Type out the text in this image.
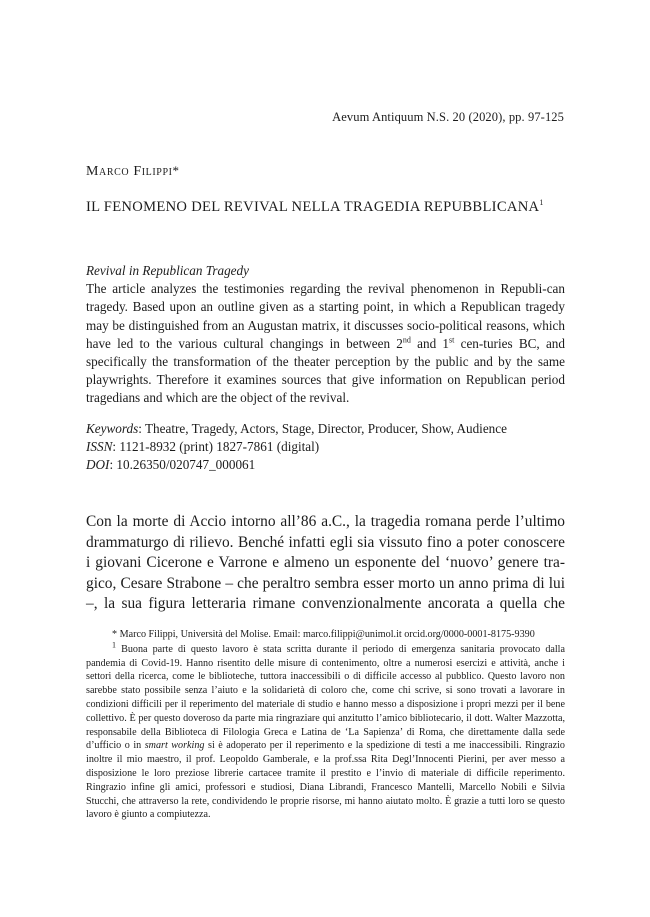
Aevum Antiquum N.S. 20 (2020), pp. 97-125
Marco Filippi*
IL FENOMENO DEL REVIVAL NELLA TRAGEDIA REPUBBLICANA$^1$
Revival in Republican Tragedy

The article analyzes the testimonies regarding the revival phenomenon in Republi-can tragedy. Based upon an outline given as a starting point, in which a Republican tragedy may be distinguished from an Augustan matrix, it discusses socio-political reasons, which have led to the various cultural changings in between 2nd and 1st cen-turies BC, and specifically the transformation of the theater perception by the public and by the same playwrights. Therefore it examines sources that give information on Republican period tragedians and which are the object of the revival.

Keywords: Theatre, Tragedy, Actors, Stage, Director, Producer, Show, Audience
ISSN: 1121-8932 (print) 1827-7861 (digital)
DOI: 10.26350/020747_000061

Con la morte di Accio intorno all’86 a.C., la tragedia romana perde l’ultimo drammaturgo di rilievo. Benché infatti egli sia vissuto fino a poter conoscere i giovani Cicerone e Varrone e almeno un esponente del ‘nuovo’ genere tra-gico, Cesare Strabone – che peraltro sembra esser morto un anno prima di lui –, la sua figura letteraria rimane convenzionalmente ancorata a quella che

* Marco Filippi, Università del Molise. Email: marco.filippi@unimol.it orcid.org/0000-0001-8175-9390

$^1$ Buona parte di questo lavoro è stata scritta durante il periodo di emergenza sanitaria provocato dalla pandemia di Covid-19. Hanno risentito delle misure di contenimento, oltre a numerosi esercizi e attività, anche i settori della ricerca, come le biblioteche, tuttora inaccessibili o di difficile accesso al pubblico. Questo lavoro non sarebbe stato possibile senza l’aiuto e la solidarietà di coloro che, come chi scrive, si sono trovati a lavorare in condizioni difficili per il reperimento del materiale di studio e hanno messo a disposizione i propri mezzi per il bene collettivo. È per questo doveroso da parte mia ringraziare qui anzitutto l’amico bibliotecario, il dott. Walter Mazzotta, responsabile della Biblioteca di Filologia Greca e Latina de ‘La Sapienza’ di Roma, che direttamente dalla sede d’ufficio o in smart working si è adoperato per il reperimento e la spedizione di testi a me inaccessibili. Ringrazio inoltre il mio maestro, il prof. Leopoldo Gamberale, e la prof.ssa Rita Degl’Innocenti Pierini, per aver messo a disposizione le loro preziose librerie cartacee tramite il prestito e l’invio di materiale di difficile reperimento. Ringrazio infine gli amici, professori e studiosi, Diana Librandi, Francesco Mantelli, Marcello Nobili e Silvia Stucchi, che attraverso la rete, condividendo le proprie risorse, mi hanno aiutato molto. È grazie a tutti loro se questo lavoro è giunto a compiutezza.
